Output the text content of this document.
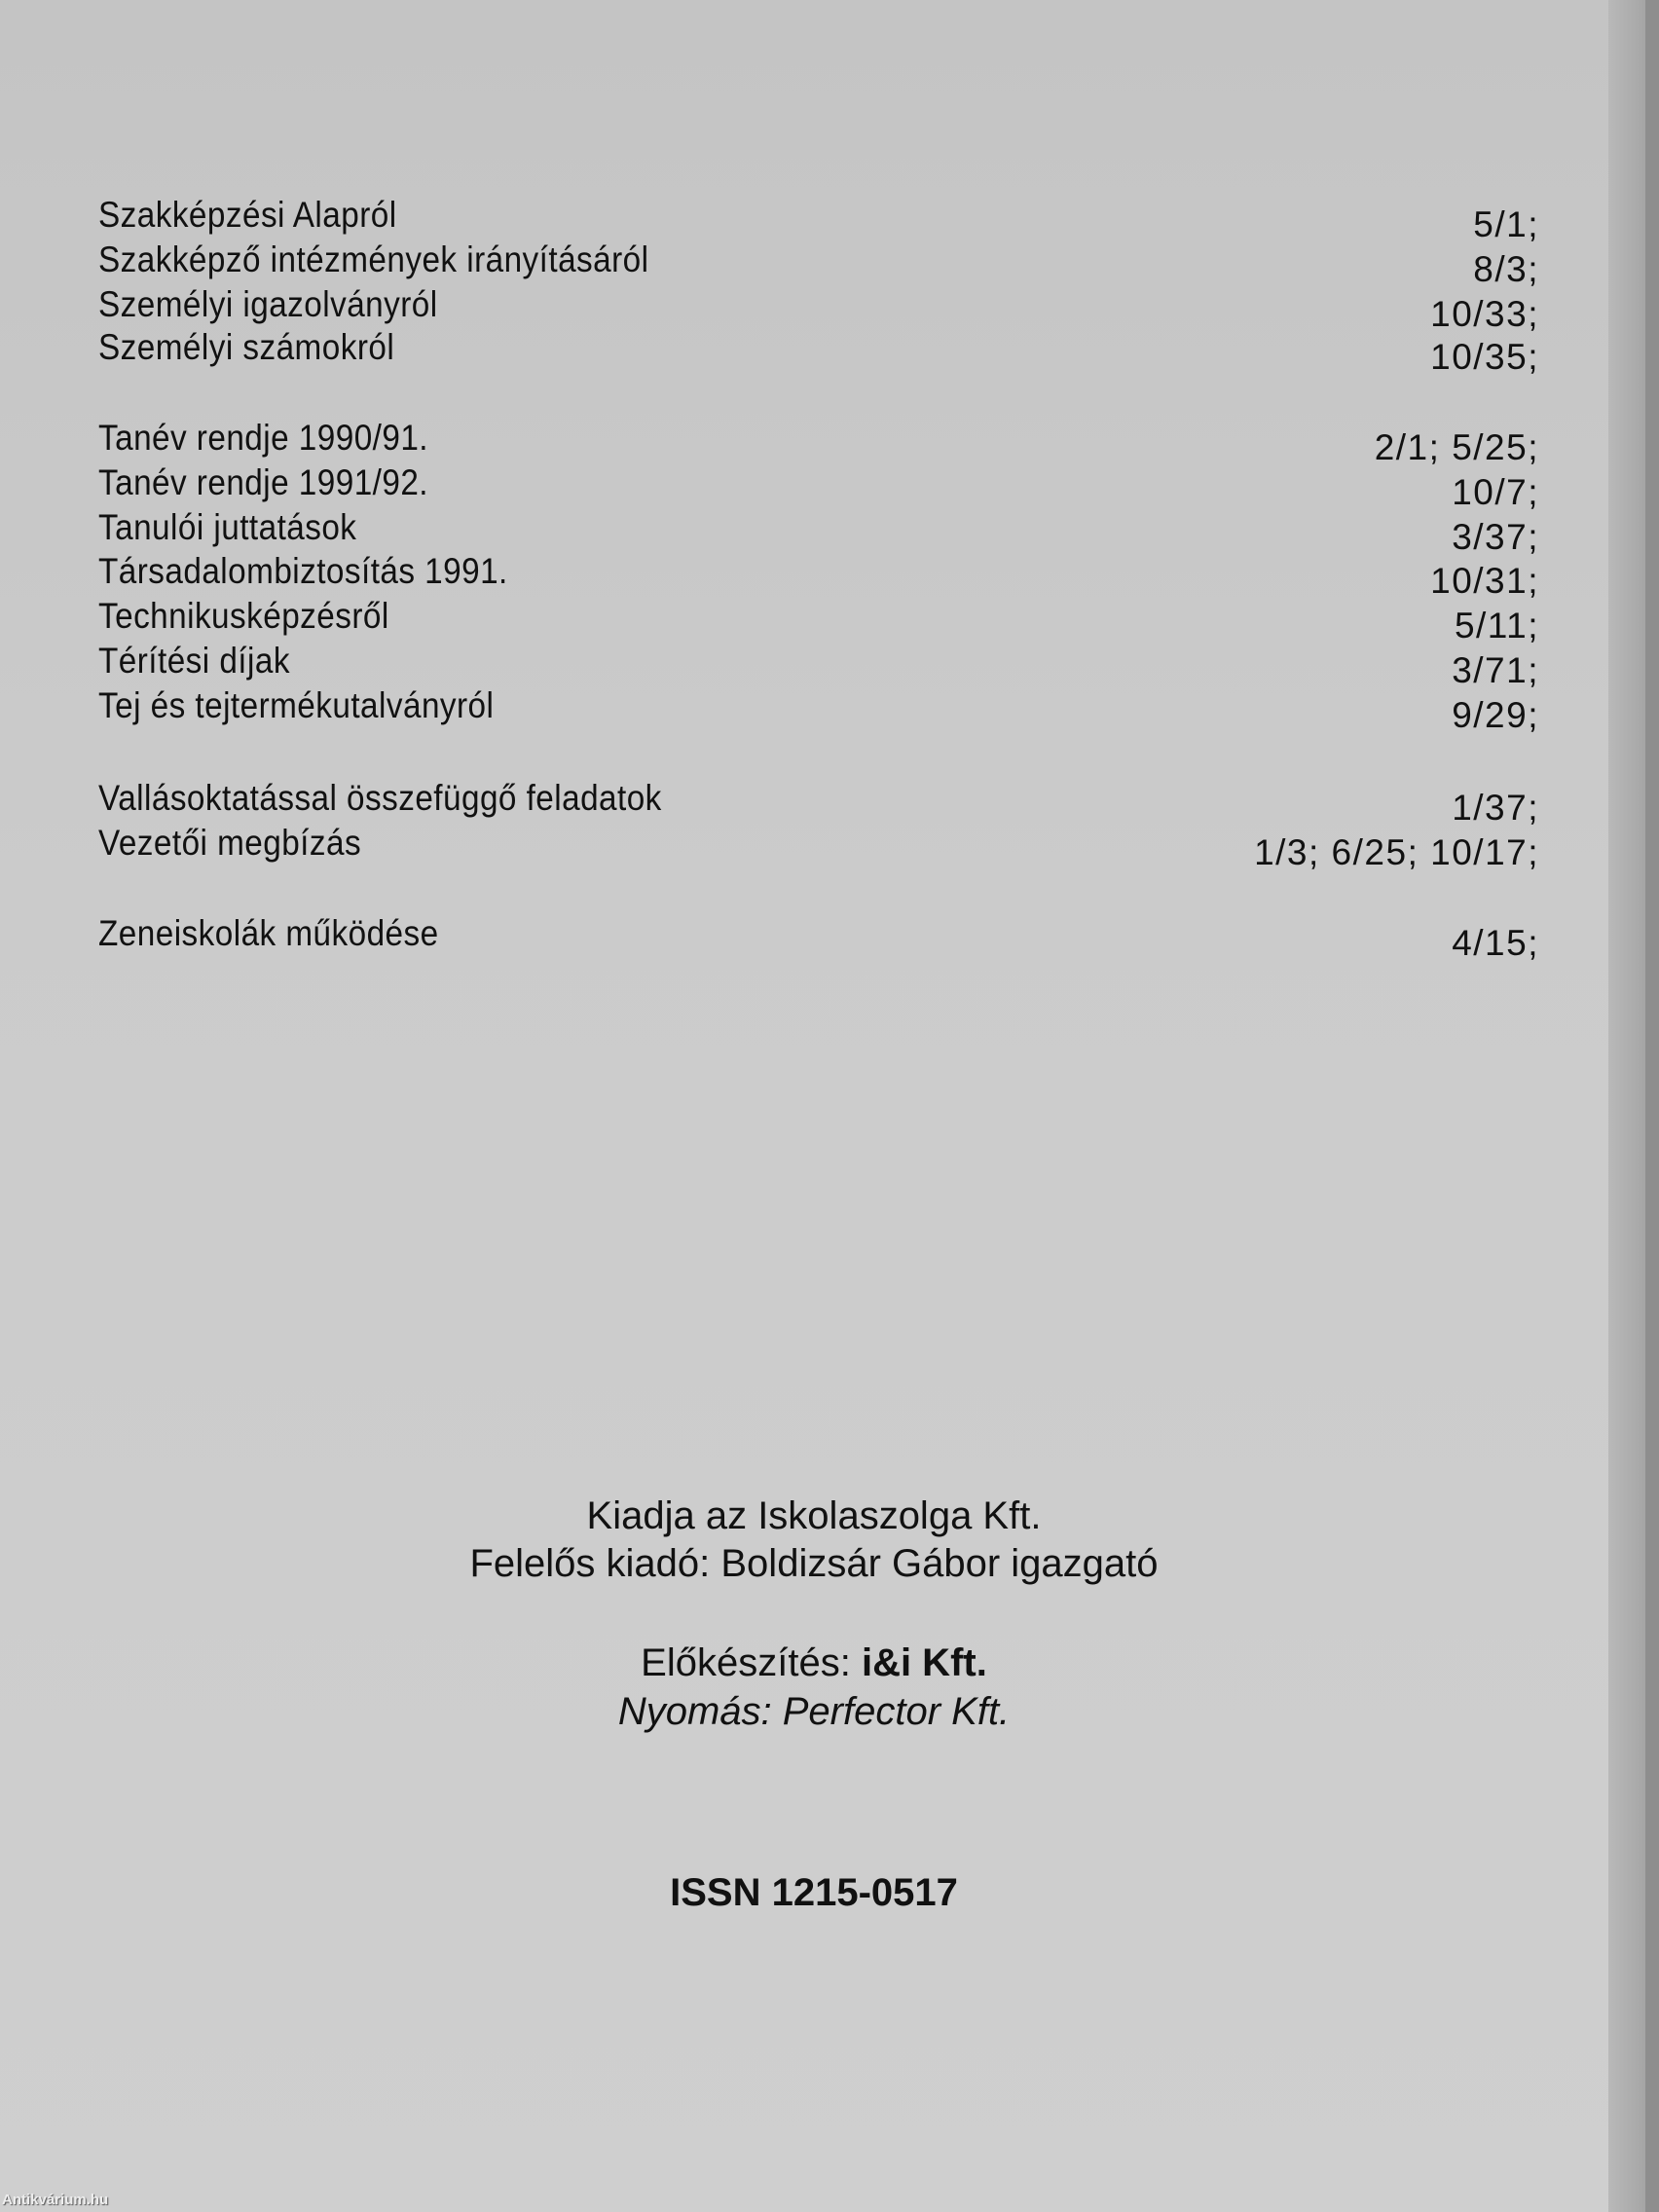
Szakképzési Alapról	5/1;
Szakképző intézmények irányításáról	8/3;
Személyi igazolványról	10/33;
Személyi számokról	10/35;
Tanév rendje 1990/91.	2/1; 5/25;
Tanév rendje 1991/92.	10/7;
Tanulói juttatások	3/37;
Társadalombiztosítás 1991.	10/31;
Technikusképzésről	5/11;
Térítési díjak	3/71;
Tej és tejtermékutalványról	9/29;
Vallásoktatással összefüggő feladatok	1/37;
Vezetői megbízás	1/3; 6/25; 10/17;
Zeneiskolák működése	4/15;
Kiadja az Iskolaszolga Kft.
Felelős kiadó: Boldizsár Gábor igazgató
Előkészítés: i&i Kft.
Nyomás: Perfector Kft.
ISSN 1215-0517
Antikvárium.hu
